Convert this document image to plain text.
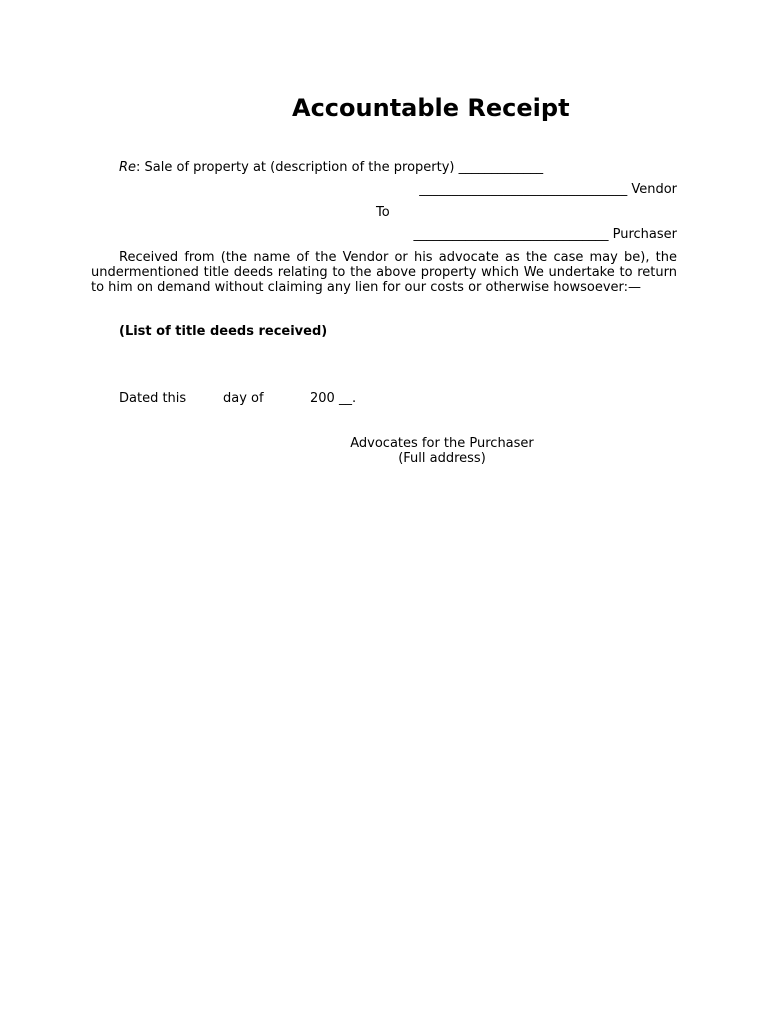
Accountable Receipt
Re: Sale of property at (description of the property) _____________
________________________________ Vendor
To
______________________________ Purchaser
Received from (the name of the Vendor or his advocate as the case may be), the undermentioned title deeds relating to the above property which We undertake to return to him on demand without claiming any lien for our costs or otherwise howsoever:—
(List of title deeds received)
Dated this	day of	200 __.
Advocates for the Purchaser
(Full address)
